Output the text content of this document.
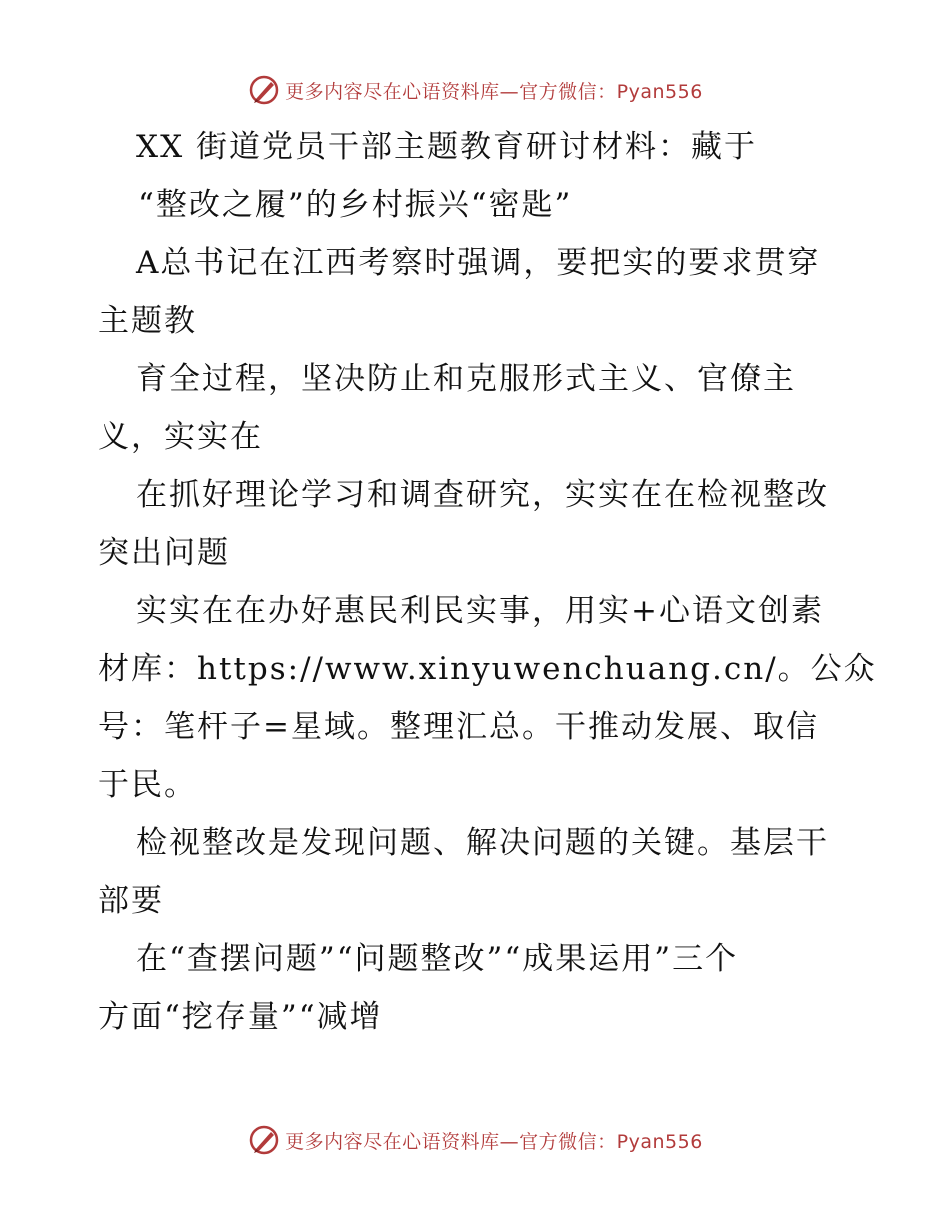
更多内容尽在心语资料库—官方微信：Pyan556
XX 街道党员干部主题教育研讨材料：藏于
“整改之履”的乡村振兴“密匙”
A总书记在江西考察时强调，要把实的要求贯穿
主题教
育全过程，坚决防止和克服形式主义、官僚主
义，实实在
在抓好理论学习和调查研究，实实在在检视整改
突出问题
实实在在办好惠民利民实事，用实+心语文创素
材库：https://www.xinyuwenchuang.cn/。公众
号：笔杆子=星域。整理汇总。干推动发展、取信
于民。
检视整改是发现问题、解决问题的关键。基层干
部要
在“查摆问题”“问题整改”“成果运用”三个
方面“挖存量”“减增
更多内容尽在心语资料库—官方微信：Pyan556
